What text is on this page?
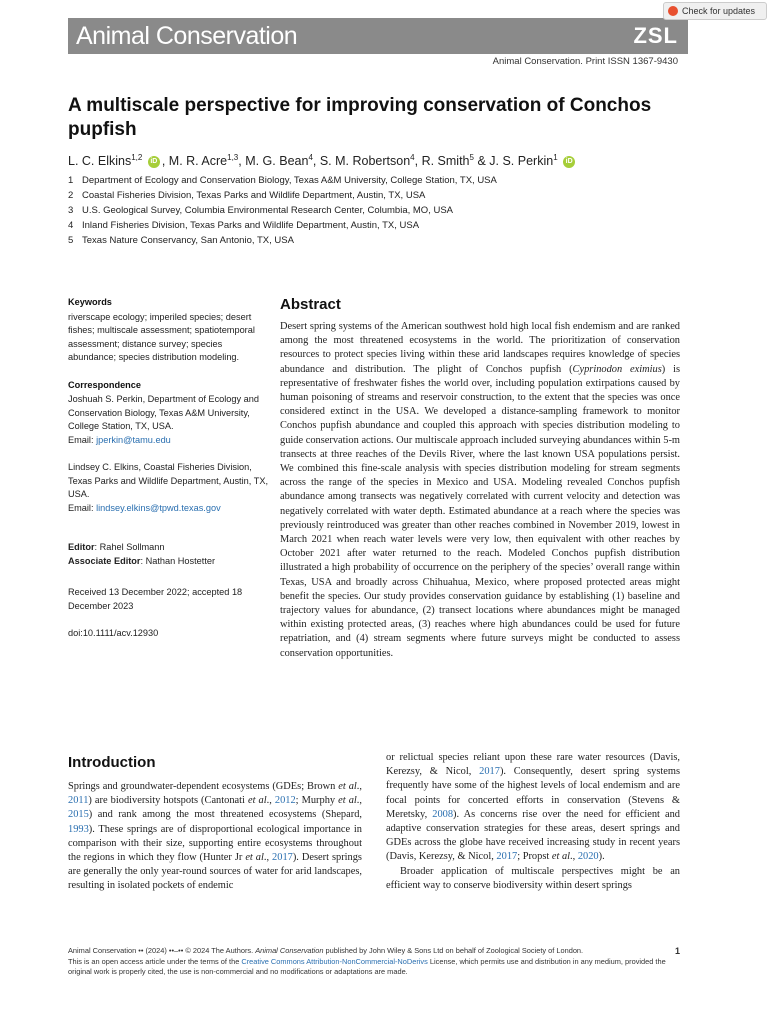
Animal Conservation	ZSL
Check for updates
Animal Conservation. Print ISSN 1367-9430
A multiscale perspective for improving conservation of Conchos pupfish
L. C. Elkins$^{1,2}$ iD , M. R. Acre$^{1,3}$, M. G. Bean$^4$, S. M. Robertson$^4$, R. Smith$^5$ & J. S. Perkin$^1$ iD
1 Department of Ecology and Conservation Biology, Texas A&M University, College Station, TX, USA
2 Coastal Fisheries Division, Texas Parks and Wildlife Department, Austin, TX, USA
3 U.S. Geological Survey, Columbia Environmental Research Center, Columbia, MO, USA
4 Inland Fisheries Division, Texas Parks and Wildlife Department, Austin, TX, USA
5 Texas Nature Conservancy, San Antonio, TX, USA
Keywords
riverscape ecology; imperiled species; desert fishes; multiscale assessment; spatiotemporal assessment; distance survey; species abundance; species distribution modeling.
Correspondence
Joshuah S. Perkin, Department of Ecology and Conservation Biology, Texas A&M University, College Station, TX, USA.
Email: jperkin@tamu.edu
Lindsey C. Elkins, Coastal Fisheries Division, Texas Parks and Wildlife Department, Austin, TX, USA.
Email: lindsey.elkins@tpwd.texas.gov
Editor: Rahel Sollmann
Associate Editor: Nathan Hostetter
Received 13 December 2022; accepted 18 December 2023
doi:10.1111/acv.12930
Abstract
Desert spring systems of the American southwest hold high local fish endemism and are ranked among the most threatened ecosystems in the world. The prioritization of conservation resources to protect species living within these arid landscapes requires knowledge of species abundance and distribution. The plight of Conchos pupfish (Cyprinodon eximius) is representative of freshwater fishes the world over, including population extirpations caused by human poisoning of streams and reservoir construction, to the extent that the species was once considered extinct in the USA. We developed a distance-sampling framework to monitor Conchos pupfish abundance and coupled this approach with species distribution modeling to guide conservation actions. Our multiscale approach included surveying abundances within 5-m transects at three reaches of the Devils River, where the last known USA populations persist. We combined this fine-scale analysis with species distribution modeling for stream segments across the range of the species in Mexico and USA. Modeling revealed Conchos pupfish abundance among transects was negatively correlated with current velocity and detection was negatively correlated with water depth. Estimated abundance at a reach where the species was previously reintroduced was greater than other reaches combined in November 2019, lowest in March 2021 when reach water levels were very low, then equivalent with other reaches by October 2021 after water returned to the reach. Modeled Conchos pupfish distribution illustrated a high probability of occurrence on the periphery of the species’ overall range within Texas, USA and broadly across Chihuahua, Mexico, where proposed protected areas might benefit the species. Our study provides conservation guidance by establishing (1) baseline and trajectory values for abundance, (2) transect locations where abundances might be managed within existing protected areas, (3) reaches where high abundances could be used for future repatriation, and (4) stream segments where future surveys might be conducted to assess conservation opportunities.
Introduction
Springs and groundwater-dependent ecosystems (GDEs; Brown et al., 2011) are biodiversity hotspots (Cantonati et al., 2012; Murphy et al., 2015) and rank among the most threatened ecosystems (Shepard, 1993). These springs are of disproportional ecological importance in comparison with their size, supporting entire ecosystems throughout the regions in which they flow (Hunter Jr et al., 2017). Desert springs are generally the only year-round sources of water for arid landscapes, resulting in isolated pockets of endemic
or relictual species reliant upon these rare water resources (Davis, Kerezsy, & Nicol, 2017). Consequently, desert spring systems frequently have some of the highest levels of local endemism and are focal points for concerted efforts in conservation (Stevens & Meretsky, 2008). As concerns rise over the need for efficient and adaptive conservation strategies for these areas, desert springs and GDEs across the globe have received increasing study in recent years (Davis, Kerezsy, & Nicol, 2017; Propst et al., 2020).
Broader application of multiscale perspectives might be an efficient way to conserve biodiversity within desert springs
Animal Conservation •• (2024) ••–•• © 2024 The Authors. Animal Conservation published by John Wiley & Sons Ltd on behalf of Zoological Society of London.	1
This is an open access article under the terms of the Creative Commons Attribution-NonCommercial-NoDerivs License, which permits use and distribution in any medium, provided the original work is properly cited, the use is non-commercial and no modifications or adaptations are made.
